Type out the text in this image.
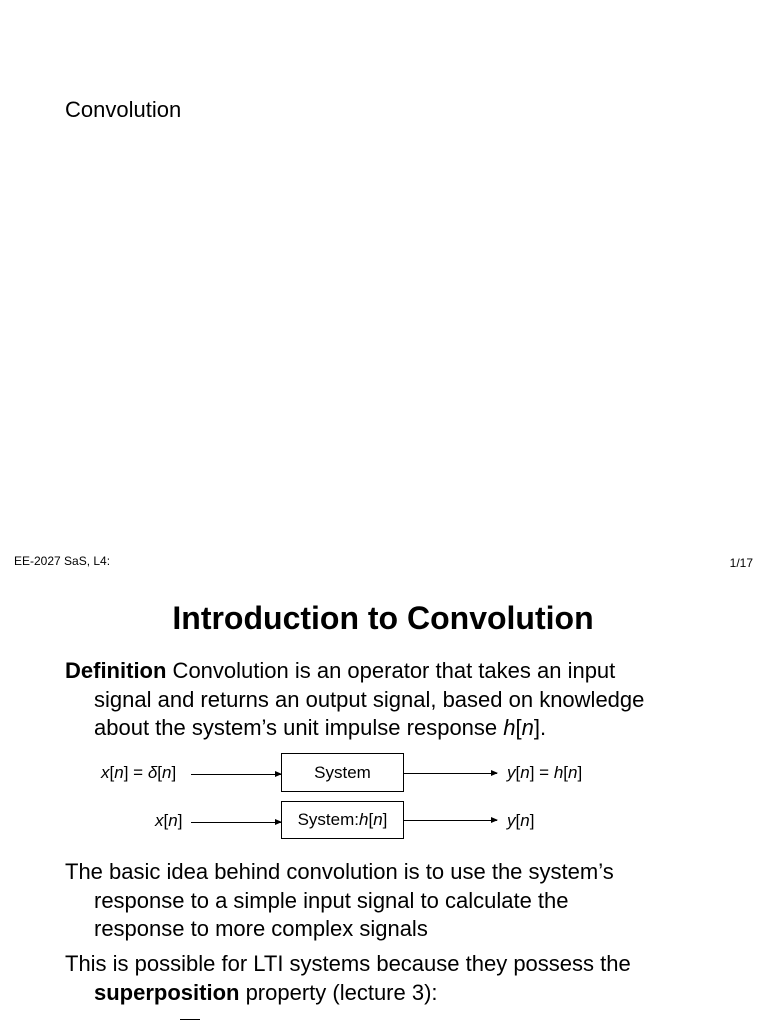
Convolution
EE-2027 SaS, L4:	1/17
Introduction to Convolution
Definition Convolution is an operator that takes an input
signal and returns an output signal, based on knowledge
about the system’s unit impulse response h[n].
x[n] = δ[n]	System	y[n] = h[n]
x[n]	System: h [ n ]	y[n]
The basic idea behind convolution is to use the system’s
response to a simple input signal to calculate the
response to more complex signals
This is possible for LTI systems because they possess the
superposition property (lecture 3):
